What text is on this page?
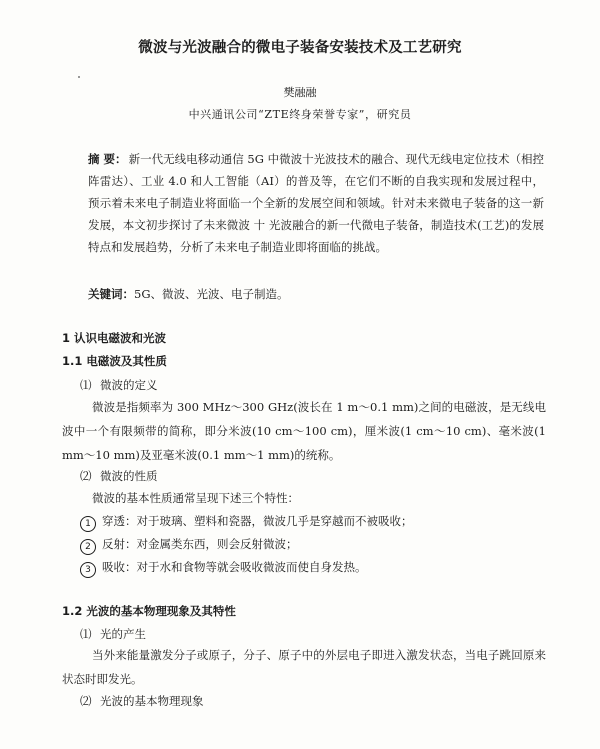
微波与光波融合的微电子装备安装技术及工艺研究
樊融融
中兴通讯公司“ZTE终身荣誉专家”，研究员
摘 要： 新一代无线电移动通信 5G 中微波十光波技术的融合、现代无线电定位技术（相控阵雷达）、工业 4.0 和人工智能（AI）的普及等，在它们不断的自我实现和发展过程中，预示着未来电子制造业将面临一个全新的发展空间和领域。针对未来微电子装备的这一新发展，本文初步探讨了未来微波 十 光波融合的新一代微电子装备，制造技术(工艺)的发展特点和发展趋势，分析了未来电子制造业即将面临的挑战。
关键词：5G、微波、光波、电子制造。
1 认识电磁波和光波
1.1 电磁波及其性质
⑴ 微波的定义
微波是指频率为 300 MHz～300 GHz(波长在 1 m～0.1 mm)之间的电磁波，是无线电波中一个有限频带的简称，即分米波(10 cm～100 cm)，厘米波(1 cm～10 cm)、毫米波(1 mm～10 mm)及亚毫米波(0.1 mm～1 mm)的统称。
⑵ 微波的性质
微波的基本性质通常呈现下述三个特性：
1 穿透：对于玻璃、塑料和瓷器，微波几乎是穿越而不被吸收；
2 反射：对金属类东西，则会反射微波；
3 吸收：对于水和食物等就会吸收微波而使自身发热。
1.2 光波的基本物理现象及其特性
⑴ 光的产生
当外来能量激发分子或原子，分子、原子中的外层电子即进入激发状态，当电子跳回原来状态时即发光。
⑵ 光波的基本物理现象
